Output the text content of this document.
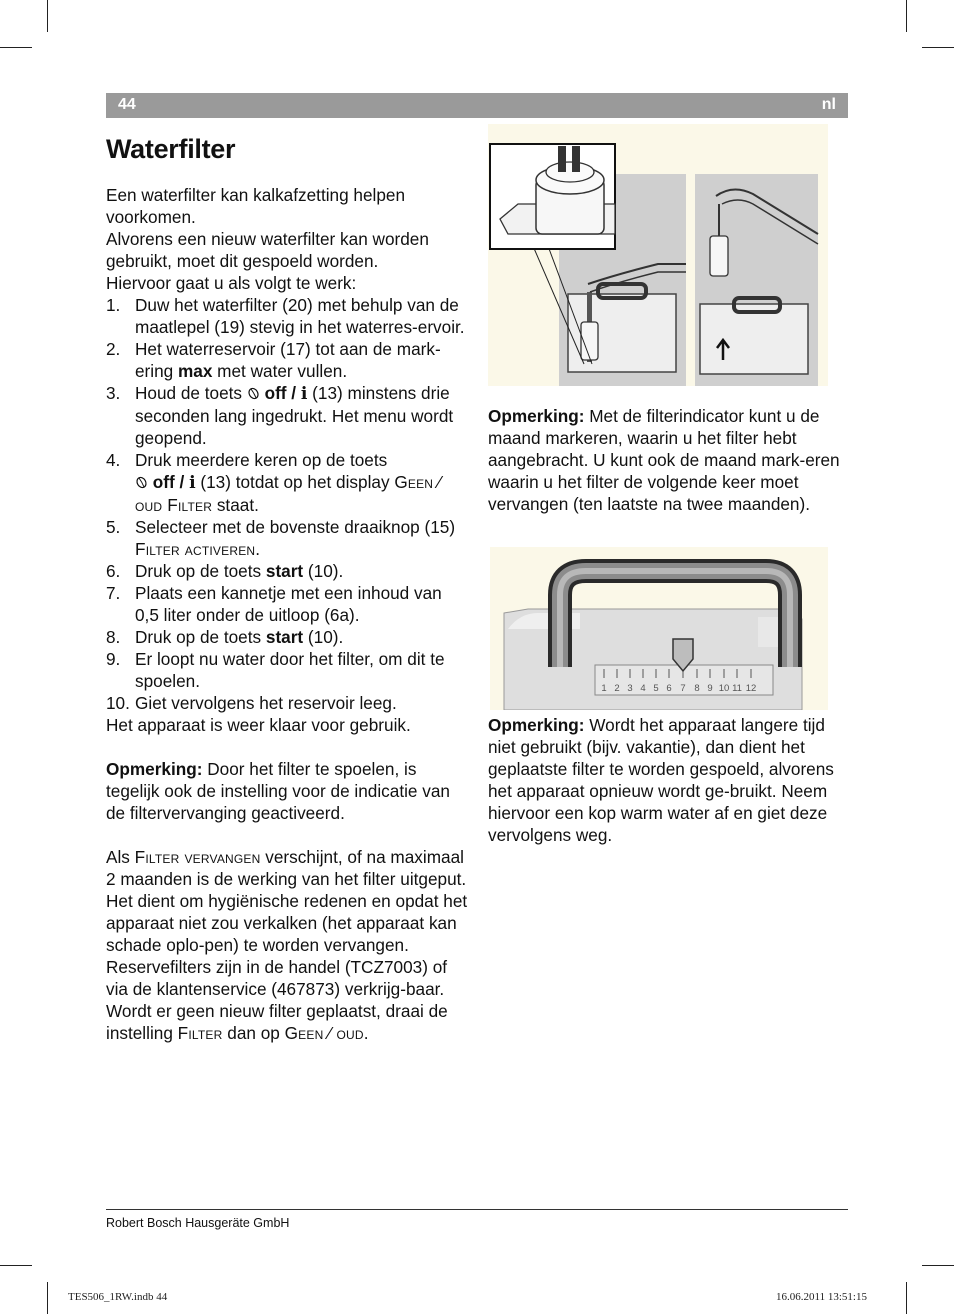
44	nl
Waterfilter

Een waterfilter kan kalkafzetting helpen voorkomen.

Alvorens een nieuw waterfilter kan worden gebruikt, moet dit gespoeld worden.

Hiervoor gaat u als volgt te werk:

1. Duw het waterfilter (20) met behulp van de maatlepel (19) stevig in het waterres-ervoir.
2. Het waterreservoir (17) tot aan de mark-ering max met water vullen.
3. Houd de toets  off / i (13) minstens drie seconden lang ingedrukt. Het menu wordt geopend.
4. Druk meerdere keren op de toets
off / i (13) totdat op het display Geen ⁄ oud Filter staat.
5. Selecteer met de bovenste draaiknop (15) Filter activeren.
6. Druk op de toets start (10).
7. Plaats een kannetje met een inhoud van 0,5 liter onder de uitloop (6a).
8. Druk op de toets start (10).
9. Er loopt nu water door het filter, om dit te spoelen.
10. Giet vervolgens het reservoir leeg.

Het apparaat is weer klaar voor gebruik.

Opmerking: Door het filter te spoelen, is tegelijk ook de instelling voor de indicatie van de filtervervanging geactiveerd.

Als Filter vervangen verschijnt, of na maximaal 2 maanden is de werking van het filter uitgeput. Het dient om hygiënische redenen en opdat het apparaat niet zou verkalken (het apparaat kan schade oplo-pen) te worden vervangen.

Reservefilters zijn in de handel (TCZ7003) of via de klantenservice (467873) verkrijg-baar. Wordt er geen nieuw filter geplaatst, draai de instelling Filter dan op Geen ⁄ oud.

Opmerking: Met de filterindicator kunt u de maand markeren, waarin u het filter hebt aangebracht. U kunt ook de maand mark-eren waarin u het filter de volgende keer moet vervangen (ten laatste na twee maanden).

1 2 3 4 5 6 7 8 9 10 11 12

Opmerking: Wordt het apparaat langere tijd niet gebruikt (bijv. vakantie), dan dient het geplaatste filter te worden gespoeld, alvorens het apparaat opnieuw wordt ge-bruikt. Neem hiervoor een kop warm water af en giet deze vervolgens weg.

Robert Bosch Hausgeräte GmbH
TES506_1RW.indb 44	16.06.2011 13:51:15
